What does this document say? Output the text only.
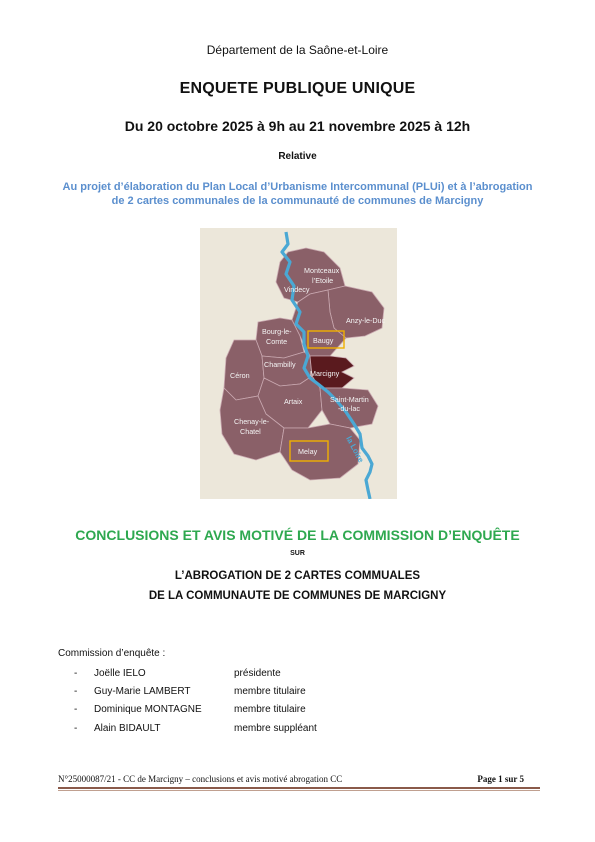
Département de la Saône-et-Loire
ENQUETE PUBLIQUE UNIQUE
Du 20 octobre 2025 à 9h au 21 novembre 2025 à 12h
Relative
Au projet d’élaboration du Plan Local d’Urbanisme Intercommunal (PLUi) et à l’abrogation de 2 cartes communales de la communauté de communes de Marcigny
Montceaux
l’Etoile
Vindecy
Anzy-le-Duc
Bourg-le-
Comte	Baugy
Chambilly
Marcigny
Céron
Artaix	Saint-Martin
-du-lac
Chenay-le-
Chatel
Melay	la Loire
CONCLUSIONS ET AVIS MOTIVÉ DE LA COMMISSION D’ENQUÊTE
SUR
L’ABROGATION DE 2 CARTES COMMUALES
DE LA COMMUNAUTE DE COMMUNES DE MARCIGNY
Commission d’enquête :
- Joëlle IELO	présidente
- Guy-Marie LAMBERT	membre titulaire
- Dominique MONTAGNE	membre titulaire
- Alain BIDAULT	membre suppléant
N°25000087/21 - CC de Marcigny – conclusions et avis motivé abrogation CC	Page 1 sur 5
